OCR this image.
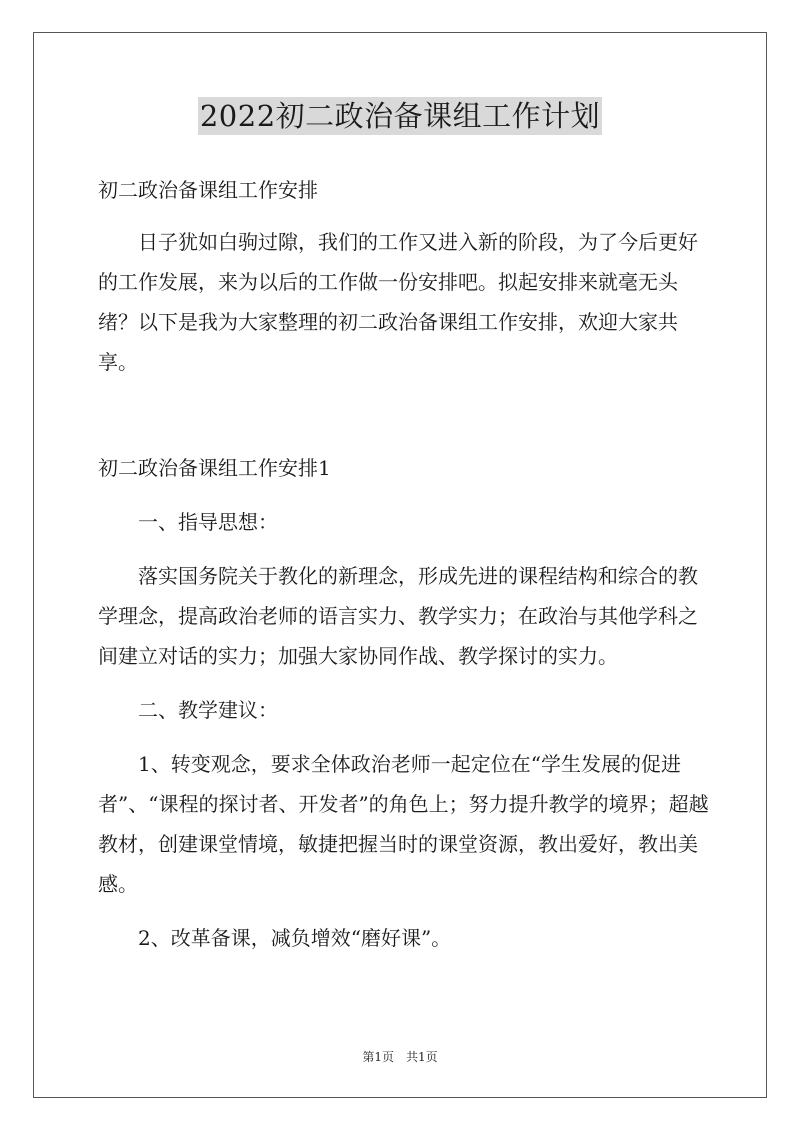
2022初二政治备课组工作计划

初二政治备课组工作安排

日子犹如白驹过隙，我们的工作又进入新的阶段，为了今后更好的工作发展，来为以后的工作做一份安排吧。拟起安排来就毫无头绪？以下是我为大家整理的初二政治备课组工作安排，欢迎大家共享。

初二政治备课组工作安排1

一、指导思想：

落实国务院关于教化的新理念，形成先进的课程结构和综合的教学理念，提高政治老师的语言实力、教学实力；在政治与其他学科之间建立对话的实力；加强大家协同作战、教学探讨的实力。

二、教学建议：

1、转变观念，要求全体政治老师一起定位在“学生发展的促进者”、“课程的探讨者、开发者”的角色上；努力提升教学的境界；超越教材，创建课堂情境，敏捷把握当时的课堂资源，教出爱好，教出美感。

2、改革备课，减负增效“磨好课”。

第1页　共1页
